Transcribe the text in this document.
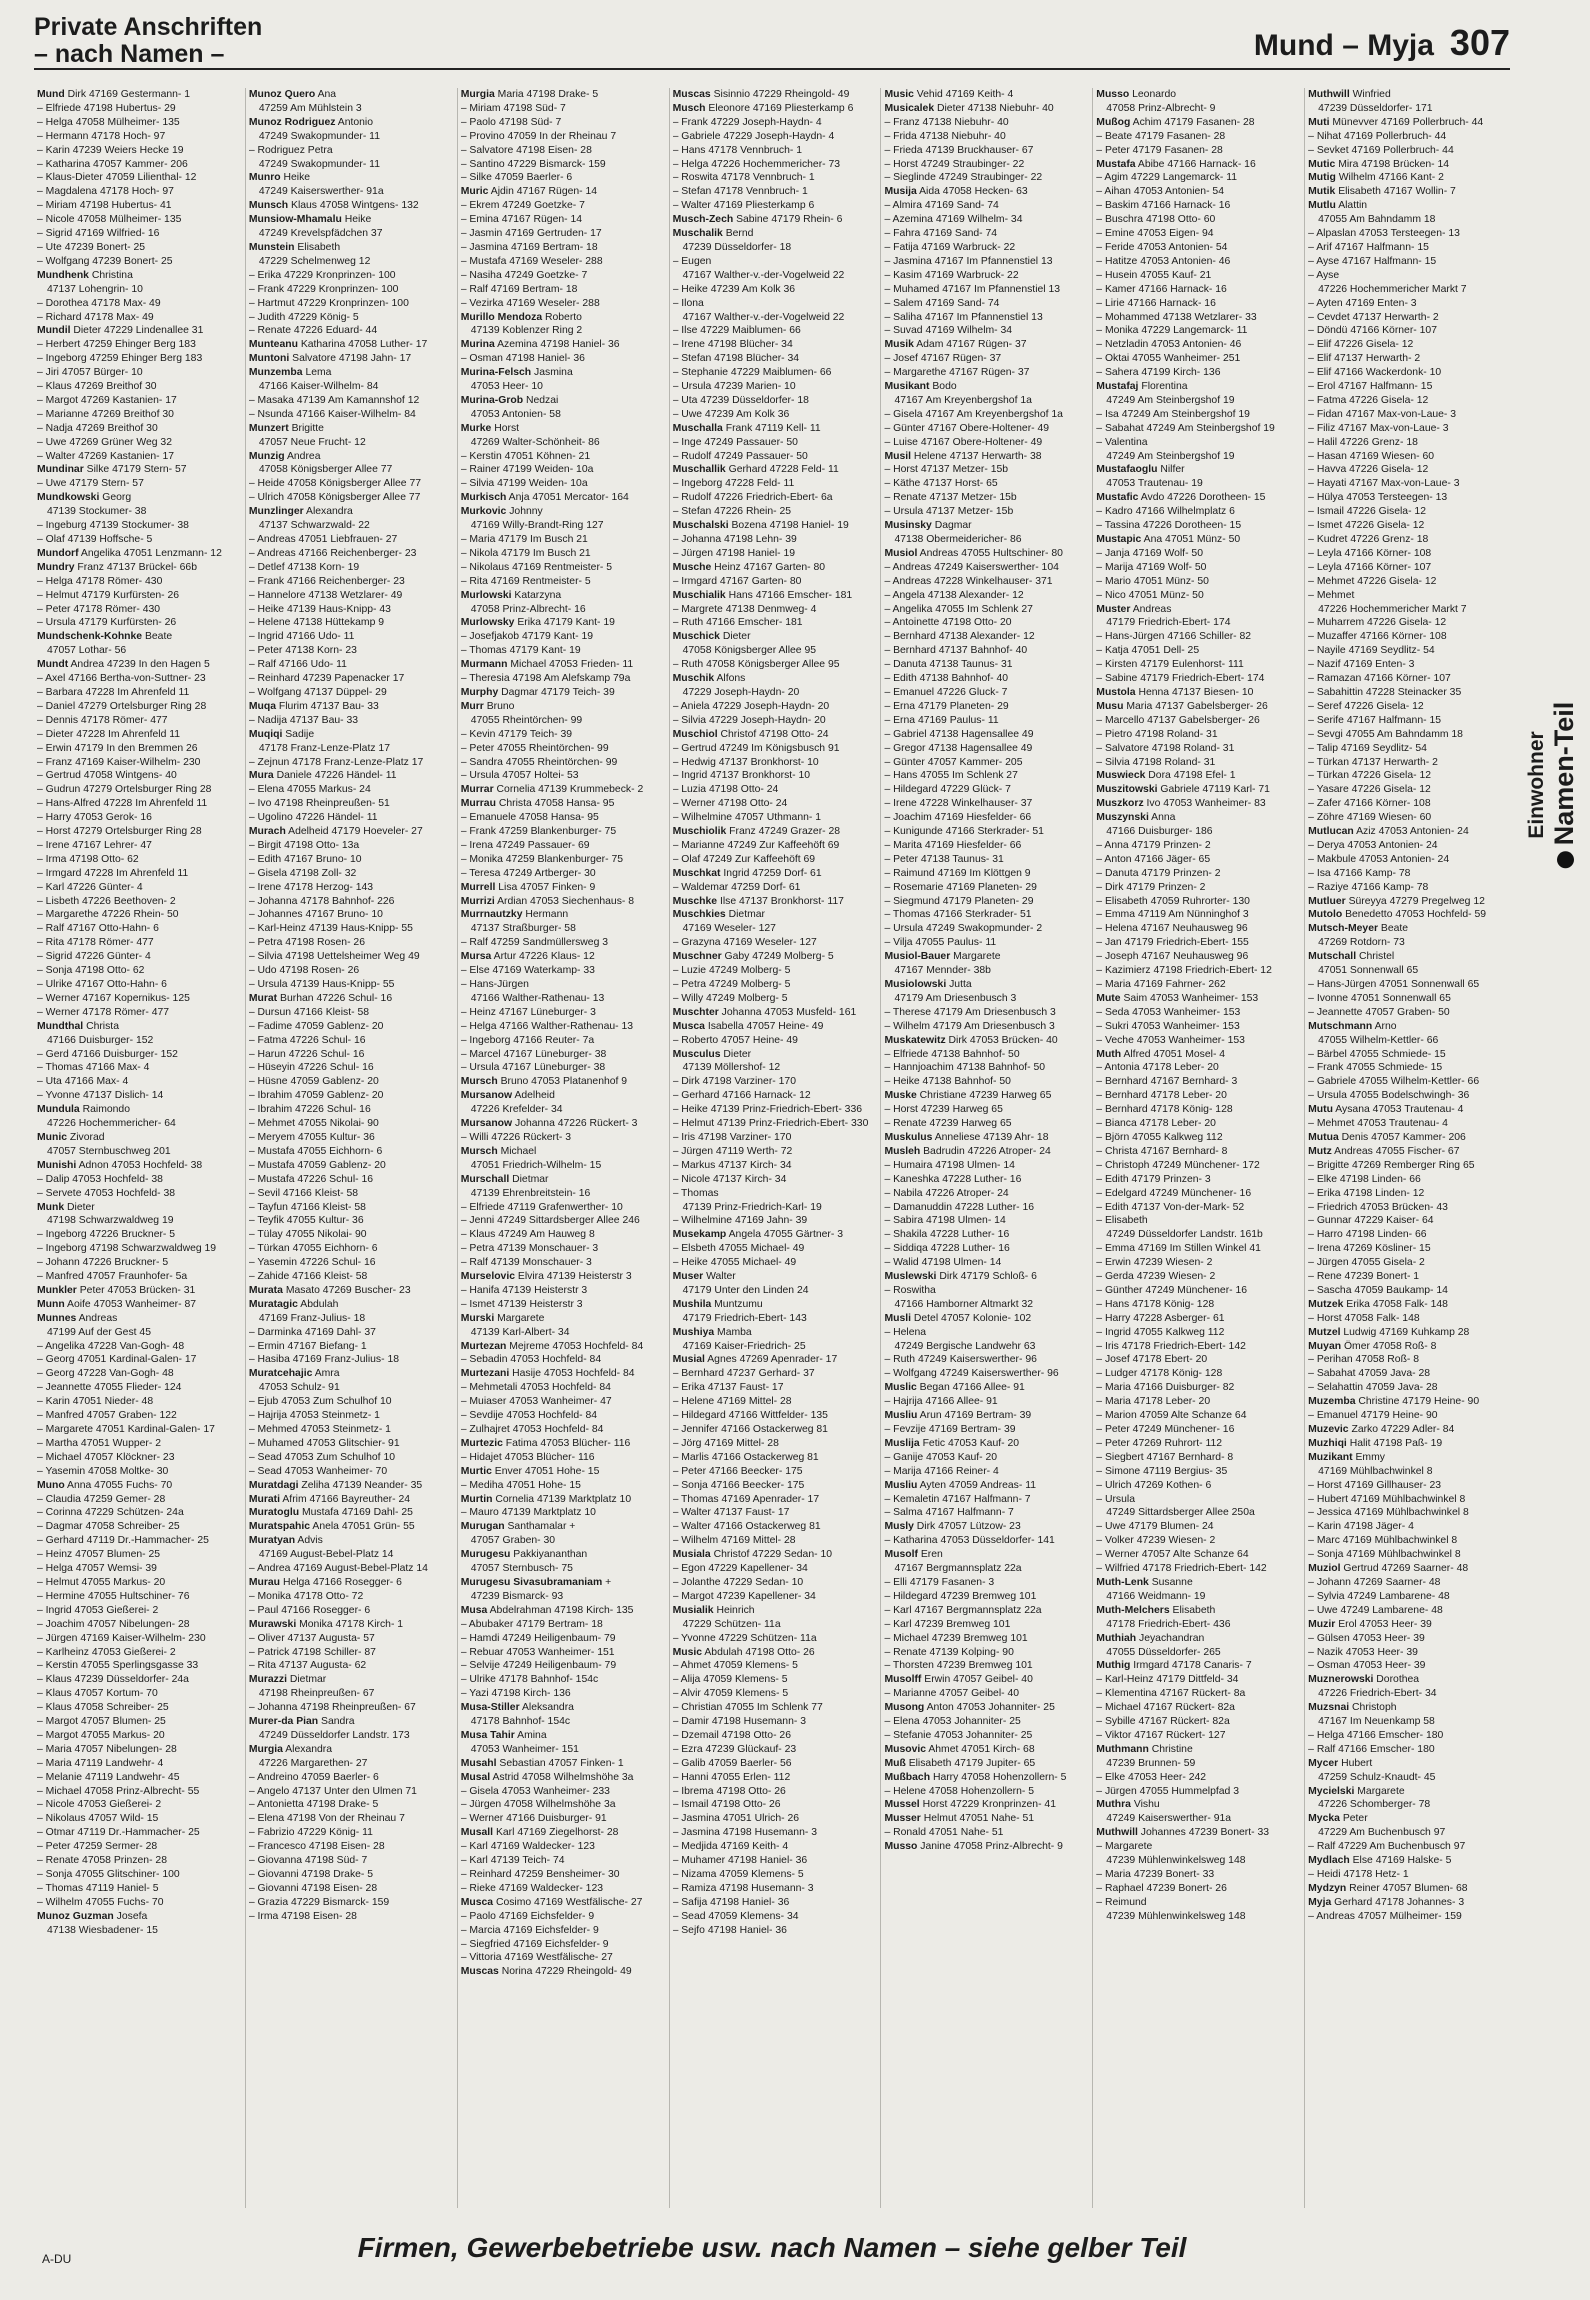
Private Anschriften
– nach Namen –	Mund – Myja 307
Mund Dirk 47169 Gestermann- 1
– Elfriede 47198 Hubertus- 29
– Helga 47058 Mülheimer- 135
– Hermann 47178 Hoch- 97
– Karin 47239 Weiers Hecke 19
– Katharina 47057 Kammer- 206
– Klaus-Dieter 47059 Lilienthal- 12
– Magdalena 47178 Hoch- 97
– Miriam 47198 Hubertus- 41
– Nicole 47058 Mülheimer- 135
– Sigrid 47169 Wilfried- 16
– Ute 47239 Bonert- 25
– Wolfgang 47239 Bonert- 25
Mundhenk Christina
47137 Lohengrin- 10
– Dorothea 47178 Max- 49
– Richard 47178 Max- 49
Mundil Dieter 47229 Lindenallee 31
– Herbert 47259 Ehinger Berg 183
– Ingeborg 47259 Ehinger Berg 183
– Jiri 47057 Bürger- 10
– Klaus 47269 Breithof 30
– Margot 47269 Kastanien- 17
– Marianne 47269 Breithof 30
– Nadja 47269 Breithof 30
– Uwe 47269 Grüner Weg 32
– Walter 47269 Kastanien- 17
Mundinar Silke 47179 Stern- 57
– Uwe 47179 Stern- 57
Mundkowski Georg
47139 Stockumer- 38
– Ingeburg 47139 Stockumer- 38
– Olaf 47139 Hoffsche- 5
Mundorf Angelika 47051 Lenzmann- 12
Mundry Franz 47137 Brückel- 66b
– Helga 47178 Römer- 430
– Helmut 47179 Kurfürsten- 26
– Peter 47178 Römer- 430
– Ursula 47179 Kurfürsten- 26
Mundschenk-Kohnke Beate
47057 Lothar- 56
Mundt Andrea 47239 In den Hagen 5
– Axel 47166 Bertha-von-Suttner- 23
– Barbara 47228 Im Ahrenfeld 11
– Daniel 47279 Ortelsburger Ring 28
– Dennis 47178 Römer- 477
– Dieter 47228 Im Ahrenfeld 11
– Erwin 47179 In den Bremmen 26
– Franz 47169 Kaiser-Wilhelm- 230
– Gertrud 47058 Wintgens- 40
– Gudrun 47279 Ortelsburger Ring 28
– Hans-Alfred 47228 Im Ahrenfeld 11
– Harry 47053 Gerok- 16
– Horst 47279 Ortelsburger Ring 28
– Irene 47167 Lehrer- 47
– Irma 47198 Otto- 62
– Irmgard 47228 Im Ahrenfeld 11
– Karl 47226 Günter- 4
– Lisbeth 47226 Beethoven- 2
– Margarethe 47226 Rhein- 50
– Ralf 47167 Otto-Hahn- 6
– Rita 47178 Römer- 477
– Sigrid 47226 Günter- 4
– Sonja 47198 Otto- 62
– Ulrike 47167 Otto-Hahn- 6
– Werner 47167 Kopernikus- 125
– Werner 47178 Römer- 477
Mundthal Christa
47166 Duisburger- 152
– Gerd 47166 Duisburger- 152
– Thomas 47166 Max- 4
– Uta 47166 Max- 4
– Yvonne 47137 Dislich- 14
Mundula Raimondo
47226 Hochemmericher- 64
Munic Zivorad
47057 Sternbuschweg 201
Munishi Adnon 47053 Hochfeld- 38
– Dalip 47053 Hochfeld- 38
– Servete 47053 Hochfeld- 38
Munk Dieter
47198 Schwarzwaldweg 19
– Ingeborg 47226 Bruckner- 5
– Ingeborg 47198 Schwarzwaldweg 19
– Johann 47226 Bruckner- 5
– Manfred 47057 Fraunhofer- 5a
Munkler Peter 47053 Brücken- 31
Munn Aoife 47053 Wanheimer- 87
Munnes Andreas
47199 Auf der Gest 45
– Angelika 47228 Van-Gogh- 48
– Georg 47051 Kardinal-Galen- 17
– Georg 47228 Van-Gogh- 48
– Jeannette 47055 Flieder- 124
– Karin 47051 Nieder- 48
– Manfred 47057 Graben- 122
– Margarete 47051 Kardinal-Galen- 17
– Martha 47051 Wupper- 2
– Michael 47057 Klöckner- 23
– Yasemin 47058 Moltke- 30
Muno Anna 47055 Fuchs- 70
– Claudia 47259 Gemer- 28
– Corinna 47229 Schützen- 24a
– Dagmar 47058 Schreiber- 25
– Gerhard 47119 Dr.-Hammacher- 25
– Heinz 47057 Blumen- 25
– Helga 47057 Wemsi- 39
– Helmut 47055 Markus- 20
– Hermine 47055 Hultschiner- 76
– Ingrid 47053 Gießerei- 2
– Joachim 47057 Nibelungen- 28
– Jürgen 47169 Kaiser-Wilhelm- 230
– Karlheinz 47053 Gießerei- 2
– Kerstin 47055 Sperlingsgasse 33
– Klaus 47239 Düsseldorfer- 24a
– Klaus 47057 Kortum- 70
– Klaus 47058 Schreiber- 25
– Margot 47057 Blumen- 25
– Margot 47055 Markus- 20
– Maria 47057 Nibelungen- 28
– Maria 47119 Landwehr- 4
– Melanie 47119 Landwehr- 45
– Michael 47058 Prinz-Albrecht- 55
– Nicole 47053 Gießerei- 2
– Nikolaus 47057 Wild- 15
– Otmar 47119 Dr.-Hammacher- 25
– Peter 47259 Sermer- 28
– Renate 47058 Prinzen- 28
– Sonja 47055 Glitschiner- 100
– Thomas 47119 Haniel- 5
– Wilhelm 47055 Fuchs- 70
Munoz Guzman Josefa
47138 Wiesbadener- 15
Munoz Quero Ana
47259 Am Mühlstein 3
Munoz Rodriguez Antonio
47249 Swakopmunder- 11
– Rodriguez Petra
47249 Swakopmunder- 11
Munro Heike
47249 Kaiserswerther- 91a
Munsch Klaus 47058 Wintgens- 132
Munsiow-Mhamalu Heike
47249 Krevelspfädchen 37
Munstein Elisabeth
47229 Schelmenweg 12
– Erika 47229 Kronprinzen- 100
– Frank 47229 Kronprinzen- 100
– Hartmut 47229 Kronprinzen- 100
– Judith 47229 König- 5
– Renate 47226 Eduard- 44
Munteanu Katharina 47058 Luther- 17
Muntoni Salvatore 47198 Jahn- 17
Munzemba Lema
47166 Kaiser-Wilhelm- 84
– Masaka 47139 Am Kamannshof 12
– Nsunda 47166 Kaiser-Wilhelm- 84
Munzert Brigitte
47057 Neue Frucht- 12
Munzig Andrea
47058 Königsberger Allee 77
– Heide 47058 Königsberger Allee 77
– Ulrich 47058 Königsberger Allee 77
Munzlinger Alexandra
47137 Schwarzwald- 22
– Andreas 47051 Liebfrauen- 27
– Andreas 47166 Reichenberger- 23
– Detlef 47138 Korn- 19
– Frank 47166 Reichenberger- 23
– Hannelore 47138 Wetzlarer- 49
– Heike 47139 Haus-Knipp- 43
– Helene 47138 Hüttekamp 9
– Ingrid 47166 Udo- 11
– Peter 47138 Korn- 23
– Ralf 47166 Udo- 11
– Reinhard 47239 Papenacker 17
– Wolfgang 47137 Düppel- 29
Muqa Flurim 47137 Bau- 33
– Nadija 47137 Bau- 33
Muqiqi Sadije
47178 Franz-Lenze-Platz 17
– Zejnun 47178 Franz-Lenze-Platz 17
Mura Daniele 47226 Händel- 11
– Elena 47055 Markus- 24
– Ivo 47198 Rheinpreußen- 51
– Ugolino 47226 Händel- 11
Murach Adelheid 47179 Hoeveler- 27
– Birgit 47198 Otto- 13a
– Edith 47167 Bruno- 10
– Gisela 47198 Zoll- 32
– Irene 47178 Herzog- 143
– Johanna 47178 Bahnhof- 226
– Johannes 47167 Bruno- 10
– Karl-Heinz 47139 Haus-Knipp- 55
– Petra 47198 Rosen- 26
– Silvia 47198 Uettelsheimer Weg 49
– Udo 47198 Rosen- 26
– Ursula 47139 Haus-Knipp- 55
Murat Burhan 47226 Schul- 16
– Dursun 47166 Kleist- 58
– Fadime 47059 Gablenz- 20
– Fatma 47226 Schul- 16
– Harun 47226 Schul- 16
– Hüseyin 47226 Schul- 16
– Hüsne 47059 Gablenz- 20
– Ibrahim 47059 Gablenz- 20
– Ibrahim 47226 Schul- 16
– Mehmet 47055 Nikolai- 90
– Meryem 47055 Kultur- 36
– Mustafa 47055 Eichhorn- 6
– Mustafa 47059 Gablenz- 20
– Mustafa 47226 Schul- 16
– Sevil 47166 Kleist- 58
– Tayfun 47166 Kleist- 58
– Teyfik 47055 Kultur- 36
– Tülay 47055 Nikolai- 90
– Türkan 47055 Eichhorn- 6
– Yasemin 47226 Schul- 16
– Zahide 47166 Kleist- 58
Murata Masato 47269 Buscher- 23
Muratagic Abdulah
47169 Franz-Julius- 18
– Darminka 47169 Dahl- 37
– Ermin 47167 Biefang- 1
– Hasiba 47169 Franz-Julius- 18
Muratcehajic Amra
47053 Schulz- 91
– Ejub 47053 Zum Schulhof 10
– Hajrija 47053 Steinmetz- 1
– Mehmed 47053 Steinmetz- 1
– Muhamed 47053 Glitschier- 91
– Sead 47053 Zum Schulhof 10
– Sead 47053 Wanheimer- 70
Muratdagi Zeliha 47139 Neander- 35
Murati Afrim 47166 Bayreuther- 24
Muratoglu Mustafa 47169 Dahl- 25
Muratspahic Anela 47051 Grün- 55
Muratyan Advis
47169 August-Bebel-Platz 14
– Andrea 47169 August-Bebel-Platz 14
Murau Helga 47166 Rosegger- 6
– Monika 47178 Otto- 72
– Paul 47166 Rosegger- 6
Murawski Monika 47178 Kirch- 1
– Oliver 47137 Augusta- 57
– Patrick 47198 Schiller- 87
– Rita 47137 Augusta- 62
Murazzi Dietmar
47198 Rheinpreußen- 67
– Johanna 47198 Rheinpreußen- 67
Murer-da Pian Sandra
47249 Düsseldorfer Landstr. 173
Murgia Alexandra
47226 Margarethen- 27
– Andreino 47059 Baerler- 6
– Angelo 47137 Unter den Ulmen 71
– Antonietta 47198 Drake- 5
– Elena 47198 Von der Rheinau 7
– Fabrizio 47229 König- 11
– Francesco 47198 Eisen- 28
– Giovanna 47198 Süd- 7
– Giovanni 47198 Drake- 5
– Giovanni 47198 Eisen- 28
– Grazia 47229 Bismarck- 159
– Irma 47198 Eisen- 28
Murgia Maria 47198 Drake- 5
– Miriam 47198 Süd- 7
– Paolo 47198 Süd- 7
– Provino 47059 In der Rheinau 7
– Salvatore 47198 Eisen- 28
– Santino 47229 Bismarck- 159
– Silke 47059 Baerler- 6
Muric Ajdin 47167 Rügen- 14
– Ekrem 47249 Goetzke- 7
– Emina 47167 Rügen- 14
– Jasmin 47169 Gertruden- 17
– Jasmina 47169 Bertram- 18
– Mustafa 47169 Weseler- 288
– Nasiha 47249 Goetzke- 7
– Ralf 47169 Bertram- 18
– Vezirka 47169 Weseler- 288
Murillo Mendoza Roberto
47139 Koblenzer Ring 2
Murina Azemina 47198 Haniel- 36
– Osman 47198 Haniel- 36
Murina-Felsch Jasmina
47053 Heer- 10
Murina-Grob Nedzai
47053 Antonien- 58
Murke Horst
47269 Walter-Schönheit- 86
– Kerstin 47051 Köhnen- 21
– Rainer 47199 Weiden- 10a
– Silvia 47199 Weiden- 10a
Murkisch Anja 47051 Mercator- 164
Murkovic Johnny
47169 Willy-Brandt-Ring 127
– Maria 47179 Im Busch 21
– Nikola 47179 Im Busch 21
– Nikolaus 47169 Rentmeister- 5
– Rita 47169 Rentmeister- 5
Murlowski Katarzyna
47058 Prinz-Albrecht- 16
Murlowsky Erika 47179 Kant- 19
– Josefjakob 47179 Kant- 19
– Thomas 47179 Kant- 19
Murmann Michael 47053 Frieden- 11
– Theresia 47198 Am Alefskamp 79a
Murphy Dagmar 47179 Teich- 39
Murr Bruno
47055 Rheintörchen- 99
– Kevin 47179 Teich- 39
– Peter 47055 Rheintörchen- 99
– Sandra 47055 Rheintörchen- 99
– Ursula 47057 Holtei- 53
Murrar Cornelia 47139 Krummebeck- 2
Murrau Christa 47058 Hansa- 95
– Emanuele 47058 Hansa- 95
– Frank 47259 Blankenburger- 75
– Irena 47249 Passauer- 69
– Monika 47259 Blankenburger- 75
– Teresa 47249 Artberger- 30
Murrell Lisa 47057 Finken- 9
Murrizi Ardian 47053 Siechenhaus- 8
Murrnautzky Hermann
47137 Straßburger- 58
– Ralf 47259 Sandmüllersweg 3
Mursa Artur 47226 Klaus- 12
– Else 47169 Waterkamp- 33
– Hans-Jürgen
47166 Walther-Rathenau- 13
– Heinz 47167 Lüneburger- 3
– Helga 47166 Walther-Rathenau- 13
– Ingeborg 47166 Reuter- 7a
– Marcel 47167 Lüneburger- 38
– Ursula 47167 Lüneburger- 38
Mursch Bruno 47053 Platanenhof 9
Mursanow Adelheid
47226 Krefelder- 34
Mursanow Johanna 47226 Rückert- 3
– Willi 47226 Rückert- 3
Mursch Michael
47051 Friedrich-Wilhelm- 15
Murschall Dietmar
47139 Ehrenbreitstein- 16
– Elfriede 47119 Grafenwerther- 10
– Jenni 47249 Sittardsberger Allee 246
– Klaus 47249 Am Hauweg 8
– Petra 47139 Monschauer- 3
– Ralf 47139 Monschauer- 3
Murselovic Elvira 47139 Heisterstr 3
– Hanifa 47139 Heisterstr 3
– Ismet 47139 Heisterstr 3
Murski Margarete
47139 Karl-Albert- 34
Murtezan Mejreme 47053 Hochfeld- 84
– Sebadin 47053 Hochfeld- 84
Murtezani Hasije 47053 Hochfeld- 84
– Mehmetali 47053 Hochfeld- 84
– Muiaser 47053 Wanheimer- 47
– Sevdije 47053 Hochfeld- 84
– Zulhajret 47053 Hochfeld- 84
Murtezic Fatima 47053 Blücher- 116
– Hidajet 47053 Blücher- 116
Murtic Enver 47051 Hohe- 15
– Mediha 47051 Hohe- 15
Murtin Cornelia 47139 Marktplatz 10
– Mauro 47139 Marktplatz 10
Murugan Santhamalar +
47057 Graben- 30
Murugesu Pakkiyananthan
47057 Sternbusch- 75
Murugesu Sivasubramaniam +
47239 Bismarck- 93
Musa Abdelrahman 47198 Kirch- 135
– Abubaker 47179 Bertram- 18
– Hamdi 47249 Heiligenbaum- 79
– Rebuar 47053 Wanheimer- 151
– Selvije 47249 Heiligenbaum- 79
– Ulrike 47178 Bahnhof- 154c
– Yazi 47198 Kirch- 136
Musa-Stiller Aleksandra
47178 Bahnhof- 154c
Musa Tahir Amina
47053 Wanheimer- 151
Musahl Sebastian 47057 Finken- 1
Musal Astrid 47058 Wilhelmshöhe 3a
– Gisela 47053 Wanheimer- 233
– Jürgen 47058 Wilhelmshöhe 3a
– Werner 47166 Duisburger- 91
Musall Karl 47169 Ziegelhorst- 28
– Karl 47169 Waldecker- 123
– Karl 47139 Teich- 74
– Reinhard 47259 Bensheimer- 30
– Rieke 47169 Waldecker- 123
Musca Cosimo 47169 Westfälische- 27
– Paolo 47169 Eichsfelder- 9
– Marcia 47169 Eichsfelder- 9
– Siegfried 47169 Eichsfelder- 9
– Vittoria 47169 Westfälische- 27
Muscas Norina 47229 Rheingold- 49
Muscas Sisinnio 47229 Rheingold- 49
Musch Eleonore 47169 Pliesterkamp 6
– Frank 47229 Joseph-Haydn- 4
– Gabriele 47229 Joseph-Haydn- 4
– Hans 47178 Vennbruch- 1
– Helga 47226 Hochemmericher- 73
– Roswita 47178 Vennbruch- 1
– Stefan 47178 Vennbruch- 1
– Walter 47169 Pliesterkamp 6
Musch-Zech Sabine 47179 Rhein- 6
Muschalik Bernd
47239 Düsseldorfer- 18
– Eugen
47167 Walther-v.-der-Vogelweid 22
– Heike 47239 Am Kolk 36
– Ilona
47167 Walther-v.-der-Vogelweid 22
– Ilse 47229 Maiblumen- 66
– Irene 47198 Blücher- 34
– Stefan 47198 Blücher- 34
– Stephanie 47229 Maiblumen- 66
– Ursula 47239 Marien- 10
– Uta 47239 Düsseldorfer- 18
– Uwe 47239 Am Kolk 36
Muschalla Frank 47119 Kell- 11
– Inge 47249 Passauer- 50
– Rudolf 47249 Passauer- 50
Muschallik Gerhard 47228 Feld- 11
– Ingeborg 47228 Feld- 11
– Rudolf 47226 Friedrich-Ebert- 6a
– Stefan 47226 Rhein- 25
Muschalski Bozena 47198 Haniel- 19
– Johanna 47198 Lehn- 39
– Jürgen 47198 Haniel- 19
Musche Heinz 47167 Garten- 80
– Irmgard 47167 Garten- 80
Muschialik Hans 47166 Emscher- 181
– Margrete 47138 Denmweg- 4
– Ruth 47166 Emscher- 181
Muschick Dieter
47058 Königsberger Allee 95
– Ruth 47058 Königsberger Allee 95
Muschik Alfons
47229 Joseph-Haydn- 20
– Aniela 47229 Joseph-Haydn- 20
– Silvia 47229 Joseph-Haydn- 20
Muschiol Christof 47198 Otto- 24
– Gertrud 47249 Im Königsbusch 91
– Hedwig 47137 Bronkhorst- 10
– Ingrid 47137 Bronkhorst- 10
– Luzia 47198 Otto- 24
– Werner 47198 Otto- 24
– Wilhelmine 47057 Uthmann- 1
Muschiolik Franz 47249 Grazer- 28
– Marianne 47249 Zur Kaffeehöft 69
– Olaf 47249 Zur Kaffeehöft 69
Muschkat Ingrid 47259 Dorf- 61
– Waldemar 47259 Dorf- 61
Muschke Ilse 47137 Bronkhorst- 117
Muschkies Dietmar
47169 Weseler- 127
– Grazyna 47169 Weseler- 127
Muschner Gaby 47249 Molberg- 5
– Luzie 47249 Molberg- 5
– Petra 47249 Molberg- 5
– Willy 47249 Molberg- 5
Muschter Johanna 47053 Musfeld- 161
Musca Isabella 47057 Heine- 49
– Roberto 47057 Heine- 49
Musculus Dieter
47139 Möllershof- 12
– Dirk 47198 Varziner- 170
– Gerhard 47166 Harnack- 12
– Heike 47139 Prinz-Friedrich-Ebert- 336
– Helmut 47139 Prinz-Friedrich-Ebert- 330
– Iris 47198 Varziner- 170
– Jürgen 47119 Werth- 72
– Markus 47137 Kirch- 34
– Nicole 47137 Kirch- 34
– Thomas
47139 Prinz-Friedrich-Karl- 19
– Wilhelmine 47169 Jahn- 39
Musekamp Angela 47055 Gärtner- 3
– Elsbeth 47055 Michael- 49
– Heike 47055 Michael- 49
Muser Walter
47179 Unter den Linden 24
Mushila Muntzumu
47179 Friedrich-Ebert- 143
Mushiya Mamba
47169 Kaiser-Friedrich- 25
Musial Agnes 47269 Apenrader- 17
– Bernhard 47237 Gerhard- 37
– Erika 47137 Faust- 17
– Helene 47169 Mittel- 28
– Hildegard 47166 Wittfelder- 135
– Jennifer 47166 Ostackerweg 81
– Jörg 47169 Mittel- 28
– Marlis 47166 Ostackerweg 81
– Peter 47166 Beecker- 175
– Sonja 47166 Beecker- 175
– Thomas 47169 Apenrader- 17
– Walter 47137 Faust- 17
– Walter 47166 Ostackerweg 81
– Wilhelm 47169 Mittel- 28
Musiala Christof 47229 Sedan- 10
– Egon 47229 Kapellener- 34
– Jolanthe 47229 Sedan- 10
– Margot 47239 Kapellener- 34
Musialik Heinrich
47229 Schützen- 11a
– Yvonne 47229 Schützen- 11a
Music Abdulah 47198 Otto- 26
– Ahmet 47059 Klemens- 5
– Alija 47059 Klemens- 5
– Alvir 47059 Klemens- 5
– Christian 47055 Im Schlenk 77
– Damir 47198 Husemann- 3
– Dzemail 47198 Otto- 26
– Ezra 47239 Glückauf- 23
– Galib 47059 Baerler- 56
– Hanni 47055 Erlen- 112
– Ibrema 47198 Otto- 26
– Ismail 47198 Otto- 26
– Jasmina 47051 Ulrich- 26
– Jasmina 47198 Husemann- 3
– Medjida 47169 Keith- 4
– Muhamer 47198 Haniel- 36
– Nizama 47059 Klemens- 5
– Ramiza 47198 Husemann- 3
– Safija 47198 Haniel- 36
– Sead 47059 Klemens- 34
– Sejfo 47198 Haniel- 36
Music Vehid 47169 Keith- 4
Musicalek Dieter 47138 Niebuhr- 40
– Franz 47138 Niebuhr- 40
– Frida 47138 Niebuhr- 40
– Frieda 47139 Bruckhauser- 67
– Horst 47249 Straubinger- 22
– Sieglinde 47249 Straubinger- 22
Musija Aida 47058 Hecken- 63
– Almira 47169 Sand- 74
– Azemina 47169 Wilhelm- 34
– Fahra 47169 Sand- 74
– Fatija 47169 Warbruck- 22
– Jasmina 47167 Im Pfannenstiel 13
– Kasim 47169 Warbruck- 22
– Muhamed 47167 Im Pfannenstiel 13
– Salem 47169 Sand- 74
– Saliha 47167 Im Pfannenstiel 13
– Suvad 47169 Wilhelm- 34
Musik Adam 47167 Rügen- 37
– Josef 47167 Rügen- 37
– Margarethe 47167 Rügen- 37
Musikant Bodo
47167 Am Kreyenbergshof 1a
– Gisela 47167 Am Kreyenbergshof 1a
– Günter 47167 Obere-Holtener- 49
– Luise 47167 Obere-Holtener- 49
Musil Helene 47137 Herwarth- 38
– Horst 47137 Metzer- 15b
– Käthe 47137 Horst- 65
– Renate 47137 Metzer- 15b
– Ursula 47137 Metzer- 15b
Musinsky Dagmar
47138 Obermeidericher- 86
Musiol Andreas 47055 Hultschiner- 80
– Andreas 47249 Kaiserswerther- 104
– Andreas 47228 Winkelhauser- 371
– Angela 47138 Alexander- 12
– Angelika 47055 Im Schlenk 27
– Antoinette 47198 Otto- 20
– Bernhard 47138 Alexander- 12
– Bernhard 47137 Bahnhof- 40
– Danuta 47138 Taunus- 31
– Edith 47138 Bahnhof- 40
– Emanuel 47226 Gluck- 7
– Erna 47179 Planeten- 29
– Erna 47169 Paulus- 11
– Gabriel 47138 Hagensallee 49
– Gregor 47138 Hagensallee 49
– Günter 47057 Kammer- 205
– Hans 47055 Im Schlenk 27
– Hildegard 47229 Glück- 7
– Irene 47228 Winkelhauser- 37
– Joachim 47169 Hiesfelder- 66
– Kunigunde 47166 Sterkrader- 51
– Marita 47169 Hiesfelder- 66
– Peter 47138 Taunus- 31
– Raimund 47169 Im Klöttgen 9
– Rosemarie 47169 Planeten- 29
– Siegmund 47179 Planeten- 29
– Thomas 47166 Sterkrader- 51
– Ursula 47249 Swakopmunder- 2
– Vilja 47055 Paulus- 11
Musiol-Bauer Margarete
47167 Mennder- 38b
Musiolowski Jutta
47179 Am Driesenbusch 3
– Therese 47179 Am Driesenbusch 3
– Wilhelm 47179 Am Driesenbusch 3
Muskatewitz Dirk 47053 Brücken- 40
– Elfriede 47138 Bahnhof- 50
– Hannjoachim 47138 Bahnhof- 50
– Heike 47138 Bahnhof- 50
Muske Christiane 47239 Harweg 65
– Horst 47239 Harweg 65
– Renate 47239 Harweg 65
Muskulus Anneliese 47139 Ahr- 18
Musleh Badrudin 47226 Atroper- 24
– Humaira 47198 Ulmen- 14
– Kaneshka 47228 Luther- 16
– Nabila 47226 Atroper- 24
– Damanuddin 47228 Luther- 16
– Sabira 47198 Ulmen- 14
– Shakila 47228 Luther- 16
– Siddiqa 47228 Luther- 16
– Walid 47198 Ulmen- 14
Muslewski Dirk 47179 Schloß- 6
– Roswitha
47166 Hamborner Altmarkt 32
Musli Detel 47057 Kolonie- 102
– Helena
47249 Bergische Landwehr 63
– Ruth 47249 Kaiserswerther- 96
– Wolfgang 47249 Kaiserswerther- 96
Muslic Began 47166 Allee- 91
– Hajrija 47166 Allee- 91
Musliu Arun 47169 Bertram- 39
– Fevzije 47169 Bertram- 39
Muslija Fetic 47053 Kauf- 20
– Ganije 47053 Kauf- 20
– Marija 47166 Reiner- 4
Musliu Ayten 47059 Andreas- 11
– Kemaletin 47167 Halfmann- 7
– Salma 47167 Halfmann- 7
Musly Dirk 47057 Lützow- 23
– Katharina 47053 Düsseldorfer- 141
Musolf Eren
47167 Bergmannsplatz 22a
– Elli 47179 Fasanen- 3
– Hildegard 47239 Bremweg 101
– Karl 47167 Bergmannsplatz 22a
– Karl 47239 Bremweg 101
– Michael 47239 Bremweg 101
– Renate 47139 Kolping- 90
– Thorsten 47239 Bremweg 101
Musolff Erwin 47057 Geibel- 40
– Marianne 47057 Geibel- 40
Musong Anton 47053 Johanniter- 25
– Elena 47053 Johanniter- 25
– Stefanie 47053 Johanniter- 25
Musovic Ahmet 47051 Kirch- 68
Muß Elisabeth 47179 Jupiter- 65
Mußbach Harry 47058 Hohenzollern- 5
– Helene 47058 Hohenzollern- 5
Mussel Horst 47229 Kronprinzen- 41
Musser Helmut 47051 Nahe- 51
– Ronald 47051 Nahe- 51
Musso Janine 47058 Prinz-Albrecht- 9
Musso Leonardo
47058 Prinz-Albrecht- 9
Mußog Achim 47179 Fasanen- 28
– Beate 47179 Fasanen- 28
– Peter 47179 Fasanen- 28
Mustafa Abibe 47166 Harnack- 16
– Agim 47229 Langemarck- 11
– Aihan 47053 Antonien- 54
– Baskim 47166 Harnack- 16
– Buschra 47198 Otto- 60
– Emine 47053 Eigen- 94
– Feride 47053 Antonien- 54
– Hatitze 47053 Antonien- 46
– Husein 47055 Kauf- 21
– Kamer 47166 Harnack- 16
– Lirie 47166 Harnack- 16
– Mohammed 47138 Wetzlarer- 33
– Monika 47229 Langemarck- 11
– Netzladin 47053 Antonien- 46
– Oktai 47055 Wanheimer- 251
– Sahera 47199 Kirch- 136
Mustafaj Florentina
47249 Am Steinbergshof 19
– Isa 47249 Am Steinbergshof 19
– Sabahat 47249 Am Steinbergshof 19
– Valentina
47249 Am Steinbergshof 19
Mustafaoglu Nilfer
47053 Trautenau- 19
Mustafic Avdo 47226 Dorotheen- 15
– Kadro 47166 Wilhelmplatz 6
– Tassina 47226 Dorotheen- 15
Mustapic Ana 47051 Münz- 50
– Janja 47169 Wolf- 50
– Marija 47169 Wolf- 50
– Mario 47051 Münz- 50
– Nico 47051 Münz- 50
Muster Andreas
47179 Friedrich-Ebert- 174
– Hans-Jürgen 47166 Schiller- 82
– Katja 47051 Dell- 25
– Kirsten 47179 Eulenhorst- 111
– Sabine 47179 Friedrich-Ebert- 174
Mustola Henna 47137 Biesen- 10
Musu Maria 47137 Gabelsberger- 26
– Marcello 47137 Gabelsberger- 26
– Pietro 47198 Roland- 31
– Salvatore 47198 Roland- 31
– Silvia 47198 Roland- 31
Muswieck Dora 47198 Efel- 1
Muszitowski Gabriele 47119 Karl- 71
Muszkorz Ivo 47053 Wanheimer- 83
Muszynski Anna
47166 Duisburger- 186
– Anna 47179 Prinzen- 2
– Anton 47166 Jäger- 65
– Danuta 47179 Prinzen- 2
– Dirk 47179 Prinzen- 2
– Elisabeth 47059 Ruhrorter- 130
– Emma 47119 Am Nünninghof 3
– Helena 47167 Neuhausweg 96
– Jan 47179 Friedrich-Ebert- 155
– Joseph 47167 Neuhausweg 96
– Kazimierz 47198 Friedrich-Ebert- 12
– Maria 47169 Fahrner- 262
Mute Saim 47053 Wanheimer- 153
– Seda 47053 Wanheimer- 153
– Sukri 47053 Wanheimer- 153
– Veche 47053 Wanheimer- 153
Muth Alfred 47051 Mosel- 4
– Antonia 47178 Leber- 20
– Bernhard 47167 Bernhard- 3
– Bernhard 47178 Leber- 20
– Bernhard 47178 König- 128
– Bianca 47178 Leber- 20
– Björn 47055 Kalkweg 112
– Christa 47167 Bernhard- 8
– Christoph 47249 Münchener- 172
– Edith 47179 Prinzen- 3
– Edelgard 47249 Münchener- 16
– Edith 47137 Von-der-Mark- 52
– Elisabeth
47249 Düsseldorfer Landstr. 161b
– Emma 47169 Im Stillen Winkel 41
– Erwin 47239 Wiesen- 2
– Gerda 47239 Wiesen- 2
– Günther 47249 Münchener- 16
– Hans 47178 König- 128
– Harry 47228 Asberger- 61
– Ingrid 47055 Kalkweg 112
– Iris 47178 Friedrich-Ebert- 142
– Josef 47178 Ebert- 20
– Ludger 47178 König- 128
– Maria 47166 Duisburger- 82
– Maria 47178 Leber- 20
– Marion 47059 Alte Schanze 64
– Peter 47249 Münchener- 16
– Peter 47269 Ruhrort- 112
– Siegbert 47167 Bernhard- 8
– Simone 47119 Bergius- 35
– Ulrich 47269 Kothen- 6
– Ursula
47249 Sittardsberger Allee 250a
– Uwe 47179 Blumen- 24
– Volker 47239 Wiesen- 2
– Werner 47057 Alte Schanze 64
– Wilfried 47178 Friedrich-Ebert- 142
Muth-Lenk Susanne
47166 Weidmann- 19
Muth-Melchers Elisabeth
47178 Friedrich-Ebert- 436
Muthiah Jeyachandran
47055 Düsseldorfer- 265
Muthig Irmgard 47178 Canaris- 7
– Karl-Heinz 47179 Dittfeld- 34
– Klementina 47167 Rückert- 8a
– Michael 47167 Rückert- 82a
– Sybille 47167 Rückert- 82a
– Viktor 47167 Rückert- 127
Muthmann Christine
47239 Brunnen- 59
– Elke 47053 Heer- 242
– Jürgen 47055 Hummelpfad 3
Muthra Vishu
47249 Kaiserswerther- 91a
Muthwill Johannes 47239 Bonert- 33
– Margarete
47239 Mühlenwinkelsweg 148
– Maria 47239 Bonert- 33
– Raphael 47239 Bonert- 26
– Reimund
47239 Mühlenwinkelsweg 148
Muthwill Winfried
47239 Düsseldorfer- 171
Muti Münevver 47169 Pollerbruch- 44
– Nihat 47169 Pollerbruch- 44
– Sevket 47169 Pollerbruch- 44
Mutic Mira 47198 Brücken- 14
Mutig Wilhelm 47166 Kant- 2
Mutik Elisabeth 47167 Wollin- 7
Mutlu Alattin
47055 Am Bahndamm 18
– Alpaslan 47053 Tersteegen- 13
– Arif 47167 Halfmann- 15
– Ayse 47167 Halfmann- 15
– Ayse
47226 Hochemmericher Markt 7
– Ayten 47169 Enten- 3
– Cevdet 47137 Herwarth- 2
– Döndü 47166 Körner- 107
– Elif 47226 Gisela- 12
– Elif 47137 Herwarth- 2
– Elif 47166 Wackerdonk- 10
– Erol 47167 Halfmann- 15
– Fatma 47226 Gisela- 12
– Fidan 47167 Max-von-Laue- 3
– Filiz 47167 Max-von-Laue- 3
– Halil 47226 Grenz- 18
– Hasan 47169 Wiesen- 60
– Havva 47226 Gisela- 12
– Hayati 47167 Max-von-Laue- 3
– Hülya 47053 Tersteegen- 13
– Ismail 47226 Gisela- 12
– Ismet 47226 Gisela- 12
– Kudret 47226 Grenz- 18
– Leyla 47166 Körner- 108
– Leyla 47166 Körner- 107
– Mehmet 47226 Gisela- 12
– Mehmet
47226 Hochemmericher Markt 7
– Muharrem 47226 Gisela- 12
– Muzaffer 47166 Körner- 108
– Nayile 47169 Seydlitz- 54
– Nazif 47169 Enten- 3
– Ramazan 47166 Körner- 107
– Sabahittin 47228 Steinacker 35
– Seref 47226 Gisela- 12
– Serife 47167 Halfmann- 15
– Sevgi 47055 Am Bahndamm 18
– Talip 47169 Seydlitz- 54
– Türkan 47137 Herwarth- 2
– Türkan 47226 Gisela- 12
– Yasare 47226 Gisela- 12
– Zafer 47166 Körner- 108
– Zöhre 47169 Wiesen- 60
Mutlucan Aziz 47053 Antonien- 24
– Derya 47053 Antonien- 24
– Makbule 47053 Antonien- 24
– Isa 47166 Kamp- 78
– Raziye 47166 Kamp- 78
Mutluer Süreyya 47279 Pregelweg 12
Mutolo Benedetto 47053 Hochfeld- 59
Mutsch-Meyer Beate
47269 Rotdorn- 73
Mutschall Christel
47051 Sonnenwall 65
– Hans-Jürgen 47051 Sonnenwall 65
– Ivonne 47051 Sonnenwall 65
– Jeannette 47057 Graben- 50
Mutschmann Arno
47055 Wilhelm-Kettler- 66
– Bärbel 47055 Schmiede- 15
– Frank 47055 Schmiede- 15
– Gabriele 47055 Wilhelm-Kettler- 66
– Ursula 47055 Bodelschwingh- 36
Mutu Aysana 47053 Trautenau- 4
– Mehmet 47053 Trautenau- 4
Mutua Denis 47057 Kammer- 206
Mutz Andreas 47055 Fischer- 67
– Brigitte 47269 Remberger Ring 65
– Elke 47198 Linden- 66
– Erika 47198 Linden- 12
– Friedrich 47053 Brücken- 43
– Gunnar 47229 Kaiser- 64
– Harro 47198 Linden- 66
– Irena 47269 Kösliner- 15
– Jürgen 47055 Gisela- 2
– Rene 47239 Bonert- 1
– Sascha 47059 Baukamp- 14
Mutzek Erika 47058 Falk- 148
– Horst 47058 Falk- 148
Mutzel Ludwig 47169 Kuhkamp 28
Muyan Ömer 47058 Roß- 8
– Perihan 47058 Roß- 8
– Sabahat 47059 Java- 28
– Selahattin 47059 Java- 28
Muzemba Christine 47179 Heine- 90
– Emanuel 47179 Heine- 90
Muzevic Zarko 47229 Adler- 84
Muzhiqi Halit 47198 Paß- 19
Muzikant Emmy
47169 Mühlbachwinkel 8
– Horst 47169 Gillhauser- 23
– Hubert 47169 Mühlbachwinkel 8
– Jessica 47169 Mühlbachwinkel 8
– Karin 47198 Jäger- 4
– Marc 47169 Mühlbachwinkel 8
– Sonja 47169 Mühlbachwinkel 8
Muziol Gertrud 47269 Saarner- 48
– Johann 47269 Saarner- 48
– Sylvia 47249 Lambarene- 48
– Uwe 47249 Lambarene- 48
Muzir Erol 47053 Heer- 39
– Gülsen 47053 Heer- 39
– Nazik 47053 Heer- 39
– Osman 47053 Heer- 39
Muznerowski Dorothea
47226 Friedrich-Ebert- 34
Muzsnai Christoph
47167 Im Neuenkamp 58
– Helga 47166 Emscher- 180
– Ralf 47166 Emscher- 180
Mycer Hubert
47259 Schulz-Knaudt- 45
Mycielski Margarete
47226 Schomberger- 78
Mycka Peter
47229 Am Buchenbusch 97
– Ralf 47229 Am Buchenbusch 97
Mydlach Else 47169 Halske- 5
– Heidi 47178 Hetz- 1
Mydzyn Reiner 47057 Blumen- 68
Myja Gerhard 47178 Johannes- 3
– Andreas 47057 Mülheimer- 159
Einwohner Namen-Teil
A-DU	Firmen, Gewerbebetriebe usw. nach Namen – siehe gelber Teil
